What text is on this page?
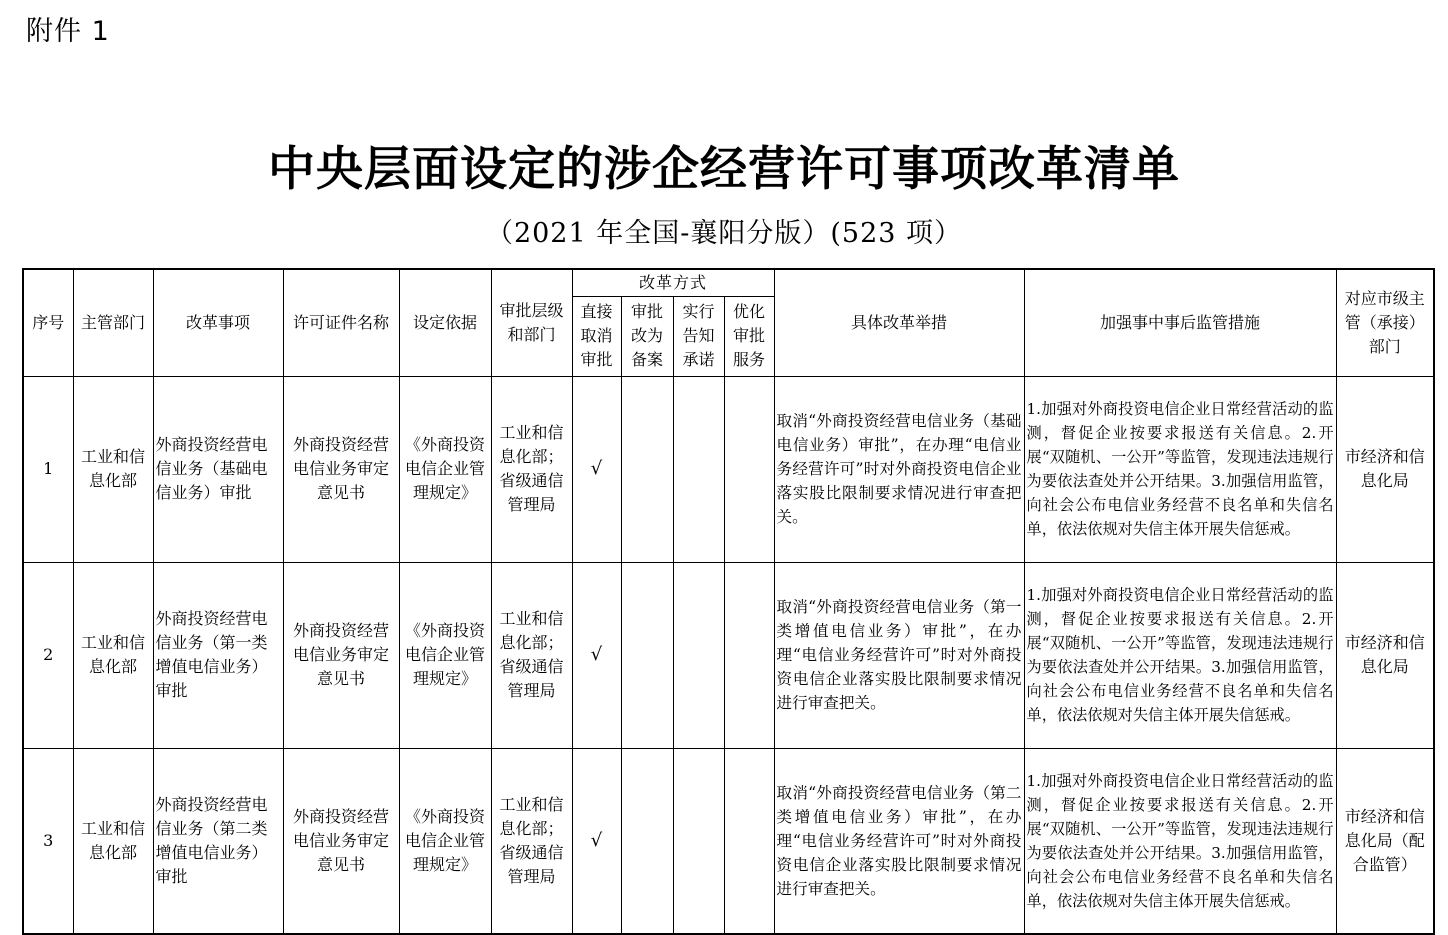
附件 1
中央层面设定的涉企经营许可事项改革清单
（2021 年全国-襄阳分版）(523 项）
序号	主管部门	改革事项	许可证件名称	设定依据	审批层级和部门	改革方式				具体改革举措	加强事中事后监管措施	对应市级主管（承接）部门
						直接取消审批	审批改为备案	实行告知承诺	优化审批服务			
1	工业和信息化部	外商投资经营电信业务（基础电信业务）审批	外商投资经营电信业务审定意见书	《外商投资电信企业管理规定》	工业和信息化部；省级通信管理局	√				取消“外商投资经营电信业务（基础电信业务）审批”，在办理“电信业务经营许可”时对外商投资电信企业落实股比限制要求情况进行审查把关。	1.加强对外商投资电信企业日常经营活动的监测，督促企业按要求报送有关信息。2.开展“双随机、一公开”等监管，发现违法违规行为要依法查处并公开结果。3.加强信用监管，向社会公布电信业务经营不良名单和失信名单，依法依规对失信主体开展失信惩戒。	市经济和信息化局
2	工业和信息化部	外商投资经营电信业务（第一类增值电信业务）审批	外商投资经营电信业务审定意见书	《外商投资电信企业管理规定》	工业和信息化部；省级通信管理局	√				取消“外商投资经营电信业务（第一类增值电信业务）审批”，在办理“电信业务经营许可”时对外商投资电信企业落实股比限制要求情况进行审查把关。	1.加强对外商投资电信企业日常经营活动的监测，督促企业按要求报送有关信息。2.开展“双随机、一公开”等监管，发现违法违规行为要依法查处并公开结果。3.加强信用监管，向社会公布电信业务经营不良名单和失信名单，依法依规对失信主体开展失信惩戒。	市经济和信息化局
3	工业和信息化部	外商投资经营电信业务（第二类增值电信业务）审批	外商投资经营电信业务审定意见书	《外商投资电信企业管理规定》	工业和信息化部；省级通信管理局	√				取消“外商投资经营电信业务（第二类增值电信业务）审批”，在办理“电信业务经营许可”时对外商投资电信企业落实股比限制要求情况进行审查把关。	1.加强对外商投资电信企业日常经营活动的监测，督促企业按要求报送有关信息。2.开展“双随机、一公开”等监管，发现违法违规行为要依法查处并公开结果。3.加强信用监管，向社会公布电信业务经营不良名单和失信名单，依法依规对失信主体开展失信惩戒。	市经济和信息化局（配合监管）
